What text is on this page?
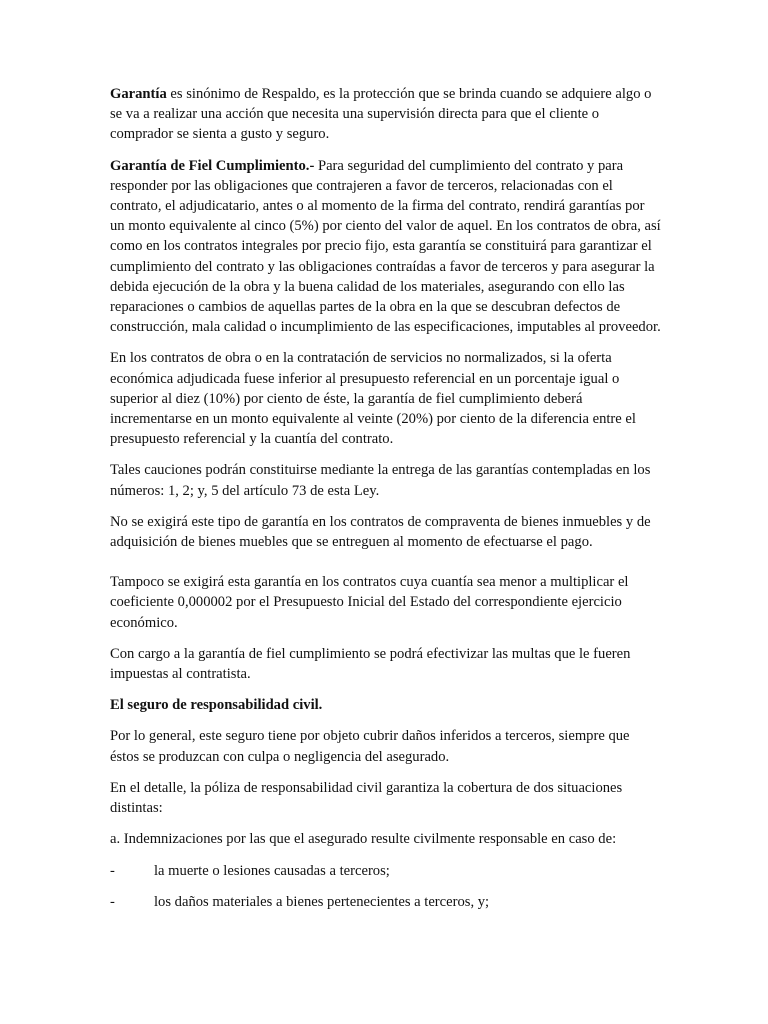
Garantía es sinónimo de Respaldo, es la protección que se brinda cuando se adquiere algo o se va a realizar una acción que necesita una supervisión directa para que el cliente o comprador se sienta a gusto y seguro.

Garantía de Fiel Cumplimiento.- Para seguridad del cumplimiento del contrato y para responder por las obligaciones que contrajeren a favor de terceros, relacionadas con el contrato, el adjudicatario, antes o al momento de la firma del contrato, rendirá garantías por un monto equivalente al cinco (5%) por ciento del valor de aquel. En los contratos de obra, así como en los contratos integrales por precio fijo, esta garantía se constituirá para garantizar el cumplimiento del contrato y las obligaciones contraídas a favor de terceros y para asegurar la debida ejecución de la obra y la buena calidad de los materiales, asegurando con ello las reparaciones o cambios de aquellas partes de la obra en la que se descubran defectos de construcción, mala calidad o incumplimiento de las especificaciones, imputables al proveedor.

En los contratos de obra o en la contratación de servicios no normalizados, si la oferta económica adjudicada fuese inferior al presupuesto referencial en un porcentaje igual o superior al diez (10%) por ciento de éste, la garantía de fiel cumplimiento deberá incrementarse en un monto equivalente al veinte (20%) por ciento de la diferencia entre el presupuesto referencial y la cuantía del contrato.

Tales cauciones podrán constituirse mediante la entrega de las garantías contempladas en los números: 1, 2; y, 5 del artículo 73 de esta Ley.

No se exigirá este tipo de garantía en los contratos de compraventa de bienes inmuebles y de adquisición de bienes muebles que se entreguen al momento de efectuarse el pago.

Tampoco se exigirá esta garantía en los contratos cuya cuantía sea menor a multiplicar el coeficiente 0,000002 por el Presupuesto Inicial del Estado del correspondiente ejercicio económico.

Con cargo a la garantía de fiel cumplimiento se podrá efectivizar las multas que le fueren impuestas al contratista.

El seguro de responsabilidad civil.

Por lo general, este seguro tiene por objeto cubrir daños inferidos a terceros, siempre que éstos se produzcan con culpa o negligencia del asegurado.

En el detalle, la póliza de responsabilidad civil garantiza la cobertura de dos situaciones distintas:

a. Indemnizaciones por las que el asegurado resulte civilmente responsable en caso de:

-	la muerte o lesiones causadas a terceros;

-	los daños materiales a bienes pertenecientes a terceros, y;
